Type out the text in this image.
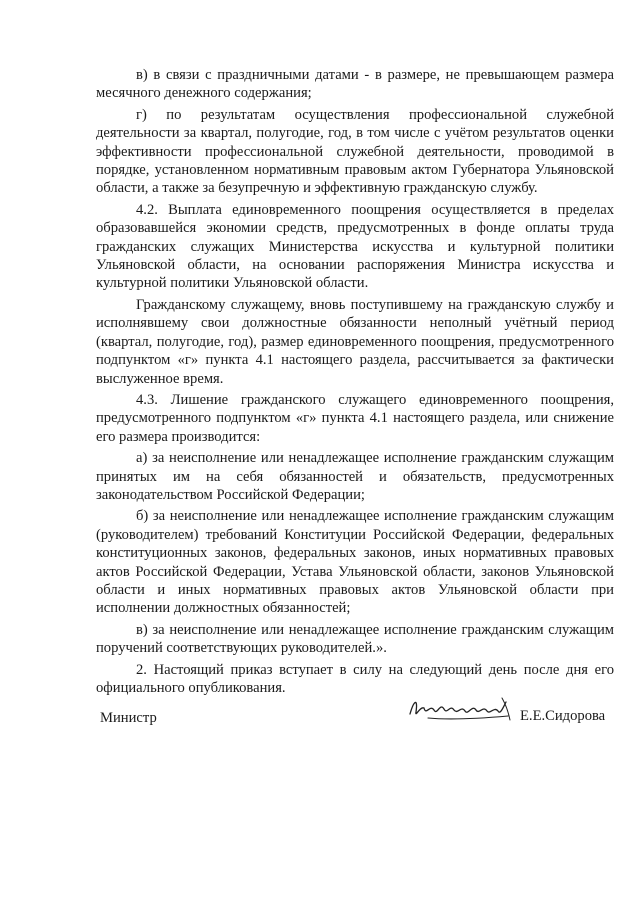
в) в связи с праздничными датами - в размере, не превышающем размера месячного денежного содержания;

г) по результатам осуществления профессиональной служебной деятельности за квартал, полугодие, год, в том числе с учётом результатов оценки эффективности профессиональной служебной деятельности, проводимой в порядке, установленном нормативным правовым актом Губернатора Ульяновской области, а также за безупречную и эффективную гражданскую службу.

4.2. Выплата единовременного поощрения осуществляется в пределах образовавшейся экономии средств, предусмотренных в фонде оплаты труда гражданских служащих Министерства искусства и культурной политики Ульяновской области, на основании распоряжения Министра искусства и культурной политики Ульяновской области.

Гражданскому служащему, вновь поступившему на гражданскую службу и исполнявшему свои должностные обязанности неполный учётный период (квартал, полугодие, год), размер единовременного поощрения, предусмотренного подпунктом «г» пункта 4.1 настоящего раздела, рассчитывается за фактически выслуженное время.

4.3. Лишение гражданского служащего единовременного поощрения, предусмотренного подпунктом «г» пункта 4.1 настоящего раздела, или снижение его размера производится:

а) за неисполнение или ненадлежащее исполнение гражданским служащим принятых им на себя обязанностей и обязательств, предусмотренных законодательством Российской Федерации;

б) за неисполнение или ненадлежащее исполнение гражданским служащим (руководителем) требований Конституции Российской Федерации, федеральных конституционных законов, федеральных законов, иных нормативных правовых актов Российской Федерации, Устава Ульяновской области, законов Ульяновской области и иных нормативных правовых актов Ульяновской области при исполнении должностных обязанностей;

в) за неисполнение или ненадлежащее исполнение гражданским служащим поручений соответствующих руководителей.».

2. Настоящий приказ вступает в силу на следующий день после дня его официального опубликования.

Министр	Е.Е.Сидорова
